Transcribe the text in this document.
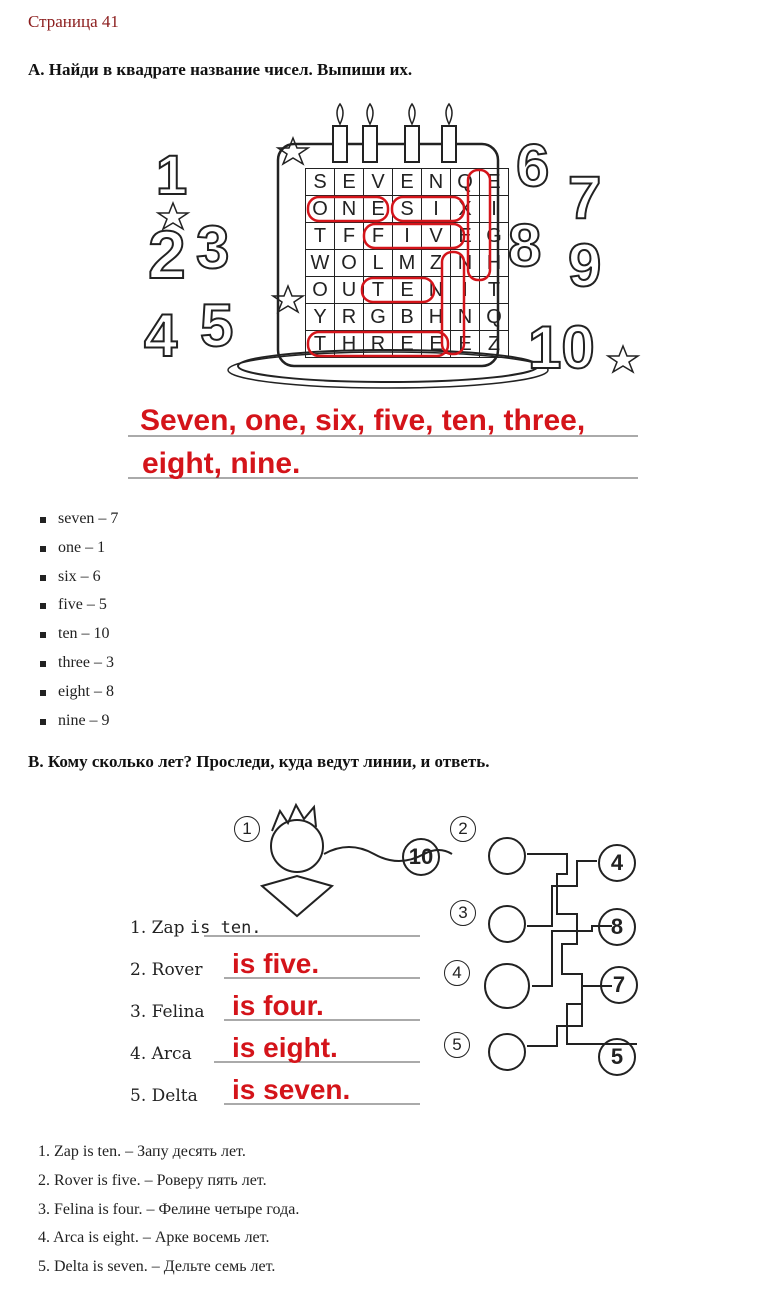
Страница 41
A. Найди в квадрате название чисел. Выпиши их.
1
2 3
4 5
6 7
8 9
10
S	E	V	E	N	Q	E
O	N	E	S	I	X	I
T	F	F	I	V	E	G
W	O	L	M	Z	N	H
O	U	T	E	N	I	T
Y	R	G	B	H	N	Q
T	H	R	E	E	E	Z
Seven, one, six, five, ten, three,
eight, nine.
seven – 7
one – 1
six – 6
five – 5
ten – 10
three – 3
eight – 8
nine – 9
B. Кому сколько лет? Проследи, куда ведут линии, и ответь.
1	2
3
4
5
10	4
8
7
5
1. Zap is ten.
2. Rover
3. Felina
4. Arca
5. Delta
is five.
is four.
is eight.
is seven.
1. Zap is ten. – Запу десять лет.
2. Rover is five. – Роверу пять лет.
3. Felina is four. – Фелине четыре года.
4. Arca is eight. – Арке восемь лет.
5. Delta is seven. – Дельте семь лет.
